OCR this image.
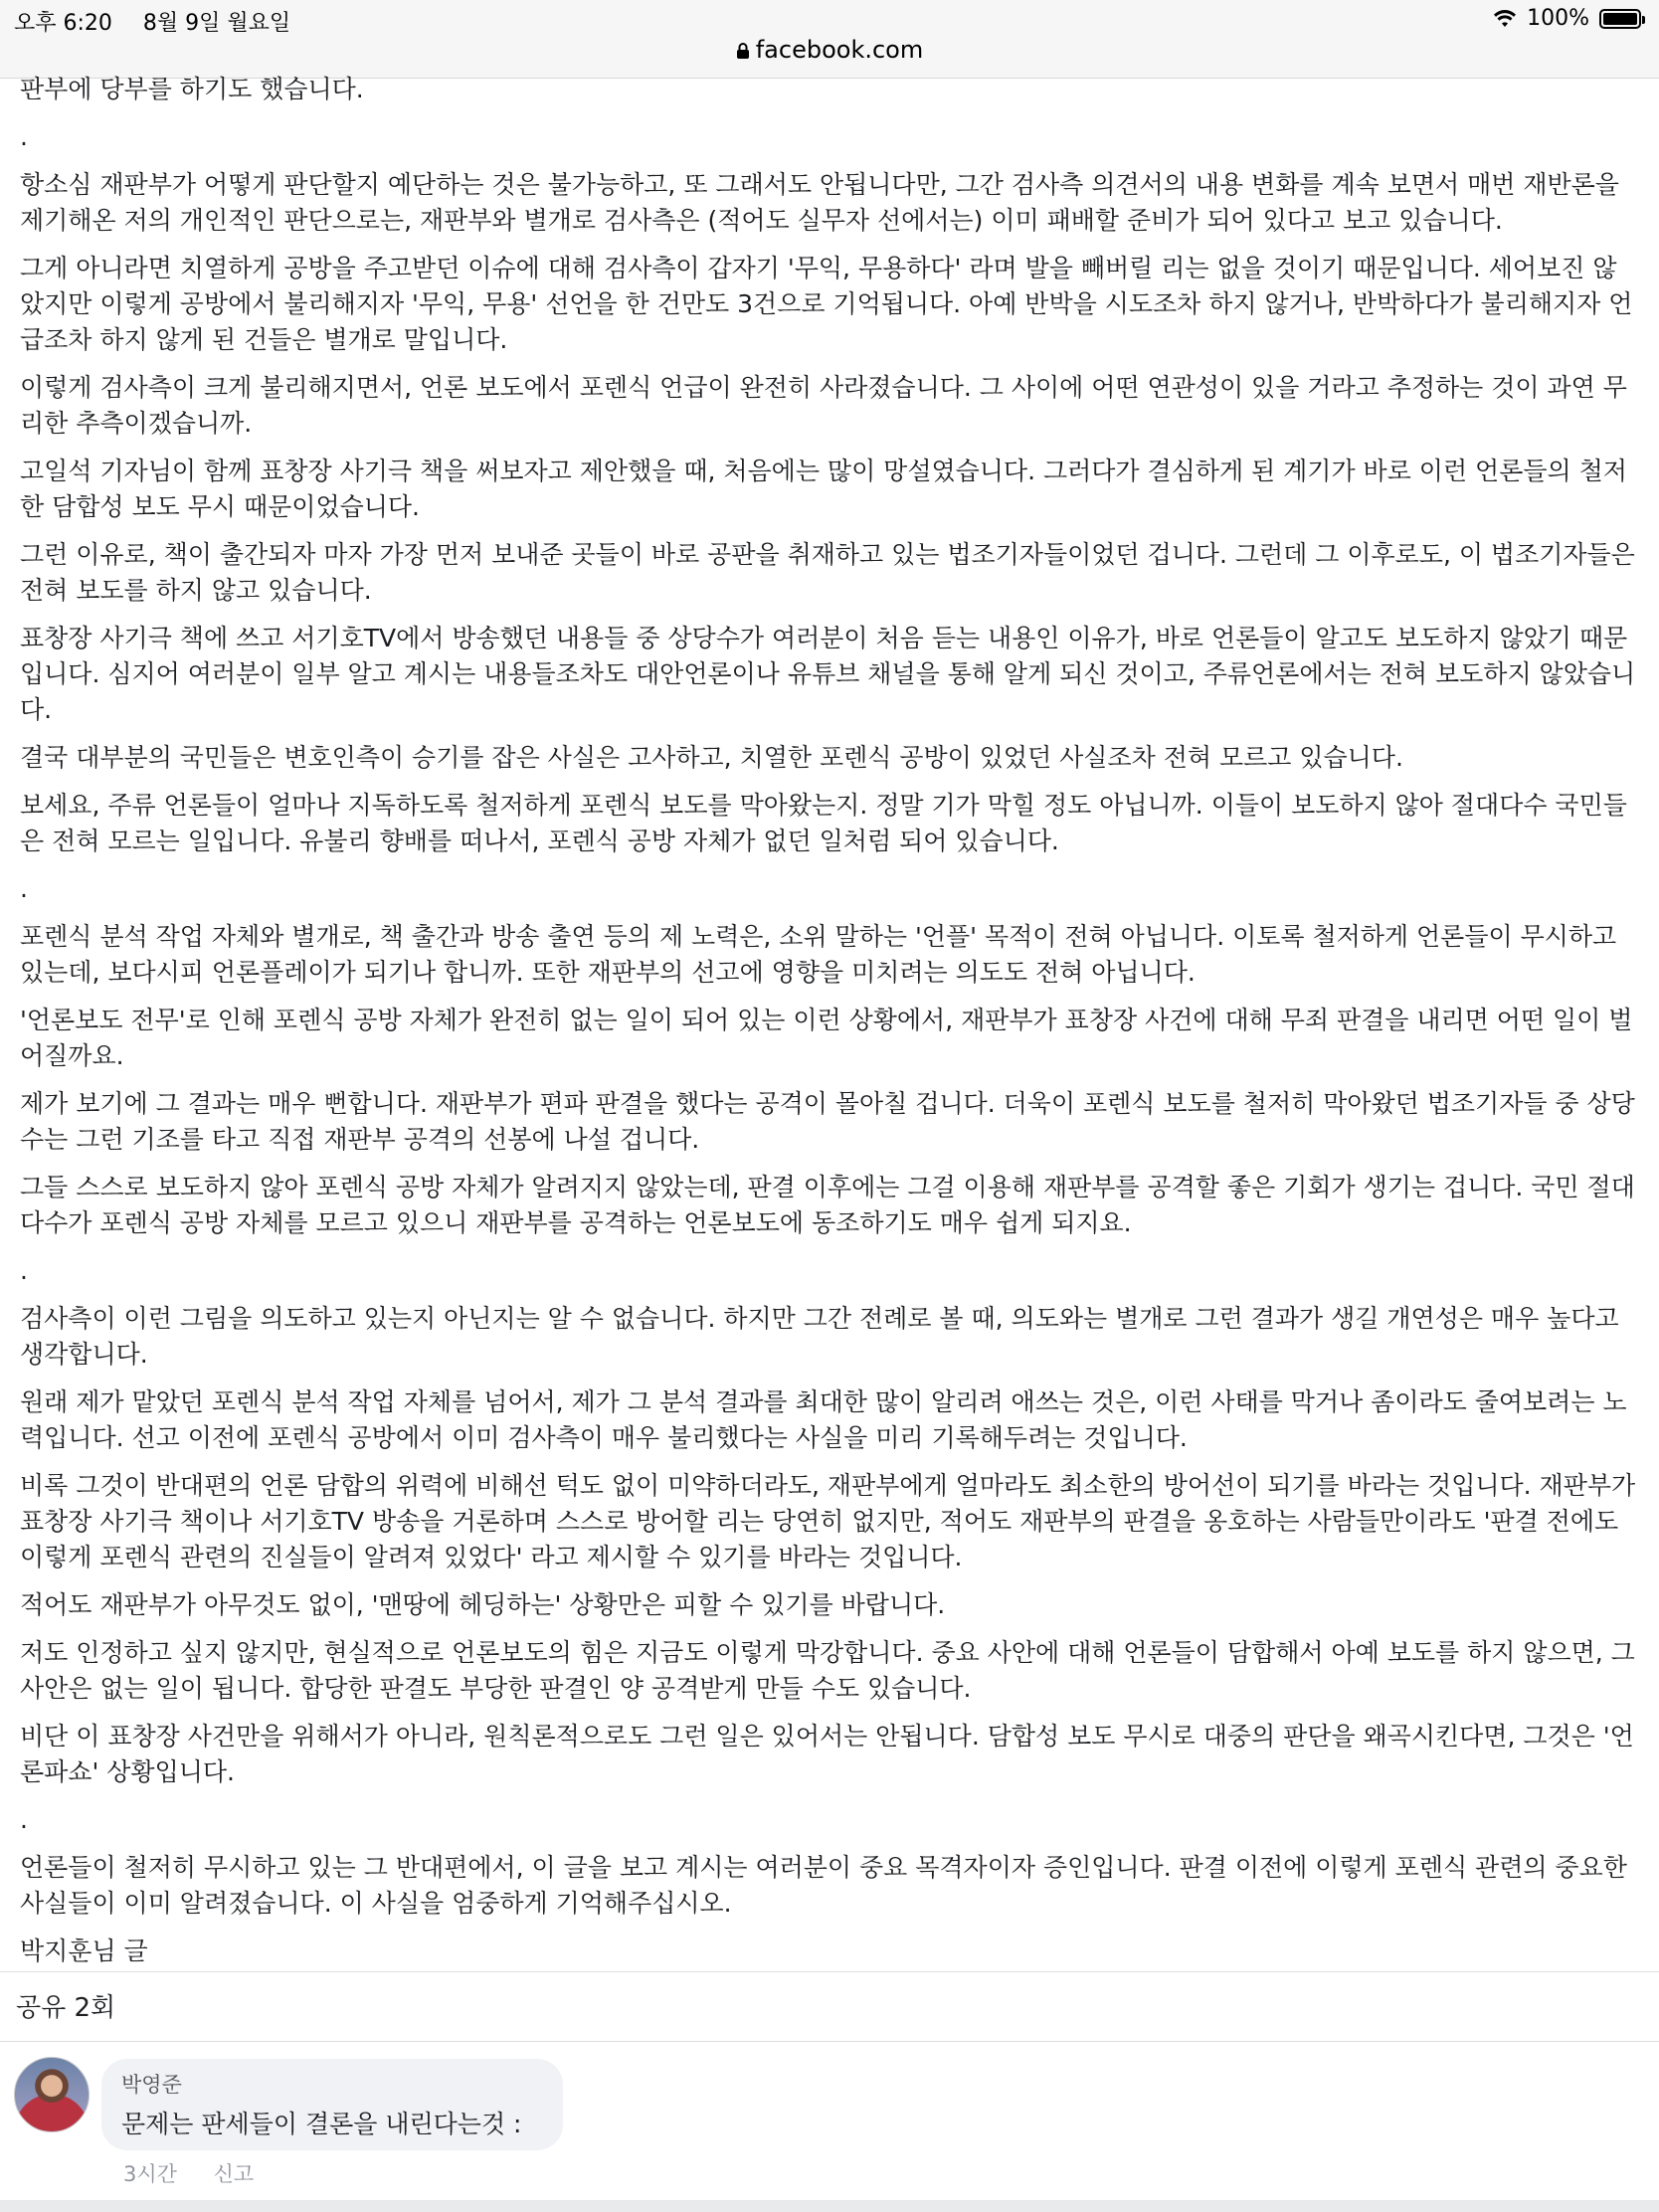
오후 6:20 8월 9일 월요일	100%
facebook.com

판부에 당부를 하기도 했습니다.

.

항소심 재판부가 어떻게 판단할지 예단하는 것은 불가능하고, 또 그래서도 안됩니다만, 그간 검사측 의견서의 내용 변화를 계속 보면서 매번 재반론을 제기해온 저의 개인적인 판단으로는, 재판부와 별개로 검사측은 (적어도 실무자 선에서는) 이미 패배할 준비가 되어 있다고 보고 있습니다.

그게 아니라면 치열하게 공방을 주고받던 이슈에 대해 검사측이 갑자기 '무익, 무용하다' 라며 발을 빼버릴 리는 없을 것이기 때문입니다. 세어보진 않았지만 이렇게 공방에서 불리해지자 '무익, 무용' 선언을 한 건만도 3건으로 기억됩니다. 아예 반박을 시도조차 하지 않거나, 반박하다가 불리해지자 언급조차 하지 않게 된 건들은 별개로 말입니다.

이렇게 검사측이 크게 불리해지면서, 언론 보도에서 포렌식 언급이 완전히 사라졌습니다. 그 사이에 어떤 연관성이 있을 거라고 추정하는 것이 과연 무리한 추측이겠습니까.

고일석 기자님이 함께 표창장 사기극 책을 써보자고 제안했을 때, 처음에는 많이 망설였습니다. 그러다가 결심하게 된 계기가 바로 이런 언론들의 철저한 담합성 보도 무시 때문이었습니다.

그런 이유로, 책이 출간되자 마자 가장 먼저 보내준 곳들이 바로 공판을 취재하고 있는 법조기자들이었던 겁니다. 그런데 그 이후로도, 이 법조기자들은 전혀 보도를 하지 않고 있습니다.

표창장 사기극 책에 쓰고 서기호TV에서 방송했던 내용들 중 상당수가 여러분이 처음 듣는 내용인 이유가, 바로 언론들이 알고도 보도하지 않았기 때문입니다. 심지어 여러분이 일부 알고 계시는 내용들조차도 대안언론이나 유튜브 채널을 통해 알게 되신 것이고, 주류언론에서는 전혀 보도하지 않았습니다.

결국 대부분의 국민들은 변호인측이 승기를 잡은 사실은 고사하고, 치열한 포렌식 공방이 있었던 사실조차 전혀 모르고 있습니다.

보세요, 주류 언론들이 얼마나 지독하도록 철저하게 포렌식 보도를 막아왔는지. 정말 기가 막힐 정도 아닙니까. 이들이 보도하지 않아 절대다수 국민들은 전혀 모르는 일입니다. 유불리 향배를 떠나서, 포렌식 공방 자체가 없던 일처럼 되어 있습니다.

.

포렌식 분석 작업 자체와 별개로, 책 출간과 방송 출연 등의 제 노력은, 소위 말하는 '언플' 목적이 전혀 아닙니다. 이토록 철저하게 언론들이 무시하고 있는데, 보다시피 언론플레이가 되기나 합니까. 또한 재판부의 선고에 영향을 미치려는 의도도 전혀 아닙니다.

'언론보도 전무'로 인해 포렌식 공방 자체가 완전히 없는 일이 되어 있는 이런 상황에서, 재판부가 표창장 사건에 대해 무죄 판결을 내리면 어떤 일이 벌어질까요.

제가 보기에 그 결과는 매우 뻔합니다. 재판부가 편파 판결을 했다는 공격이 몰아칠 겁니다. 더욱이 포렌식 보도를 철저히 막아왔던 법조기자들 중 상당수는 그런 기조를 타고 직접 재판부 공격의 선봉에 나설 겁니다.

그들 스스로 보도하지 않아 포렌식 공방 자체가 알려지지 않았는데, 판결 이후에는 그걸 이용해 재판부를 공격할 좋은 기회가 생기는 겁니다. 국민 절대다수가 포렌식 공방 자체를 모르고 있으니 재판부를 공격하는 언론보도에 동조하기도 매우 쉽게 되지요.

.

검사측이 이런 그림을 의도하고 있는지 아닌지는 알 수 없습니다. 하지만 그간 전례로 볼 때, 의도와는 별개로 그런 결과가 생길 개연성은 매우 높다고 생각합니다.

원래 제가 맡았던 포렌식 분석 작업 자체를 넘어서, 제가 그 분석 결과를 최대한 많이 알리려 애쓰는 것은, 이런 사태를 막거나 좀이라도 줄여보려는 노력입니다. 선고 이전에 포렌식 공방에서 이미 검사측이 매우 불리했다는 사실을 미리 기록해두려는 것입니다.

비록 그것이 반대편의 언론 담합의 위력에 비해선 턱도 없이 미약하더라도, 재판부에게 얼마라도 최소한의 방어선이 되기를 바라는 것입니다. 재판부가 표창장 사기극 책이나 서기호TV 방송을 거론하며 스스로 방어할 리는 당연히 없지만, 적어도 재판부의 판결을 옹호하는 사람들만이라도 '판결 전에도 이렇게 포렌식 관련의 진실들이 알려져 있었다' 라고 제시할 수 있기를 바라는 것입니다.

적어도 재판부가 아무것도 없이, '맨땅에 헤딩하는' 상황만은 피할 수 있기를 바랍니다.

저도 인정하고 싶지 않지만, 현실적으로 언론보도의 힘은 지금도 이렇게 막강합니다. 중요 사안에 대해 언론들이 담합해서 아예 보도를 하지 않으면, 그 사안은 없는 일이 됩니다. 합당한 판결도 부당한 판결인 양 공격받게 만들 수도 있습니다.

비단 이 표창장 사건만을 위해서가 아니라, 원칙론적으로도 그런 일은 있어서는 안됩니다. 담합성 보도 무시로 대중의 판단을 왜곡시킨다면, 그것은 '언론파쇼' 상황입니다.

.

언론들이 철저히 무시하고 있는 그 반대편에서, 이 글을 보고 계시는 여러분이 중요 목격자이자 증인입니다. 판결 이전에 이렇게 포렌식 관련의 중요한 사실들이 이미 알려졌습니다. 이 사실을 엄중하게 기억해주십시오.

박지훈님 글

공유 2회
박영준
문제는 판세들이 결론을 내린다는것 :
3시간 신고
